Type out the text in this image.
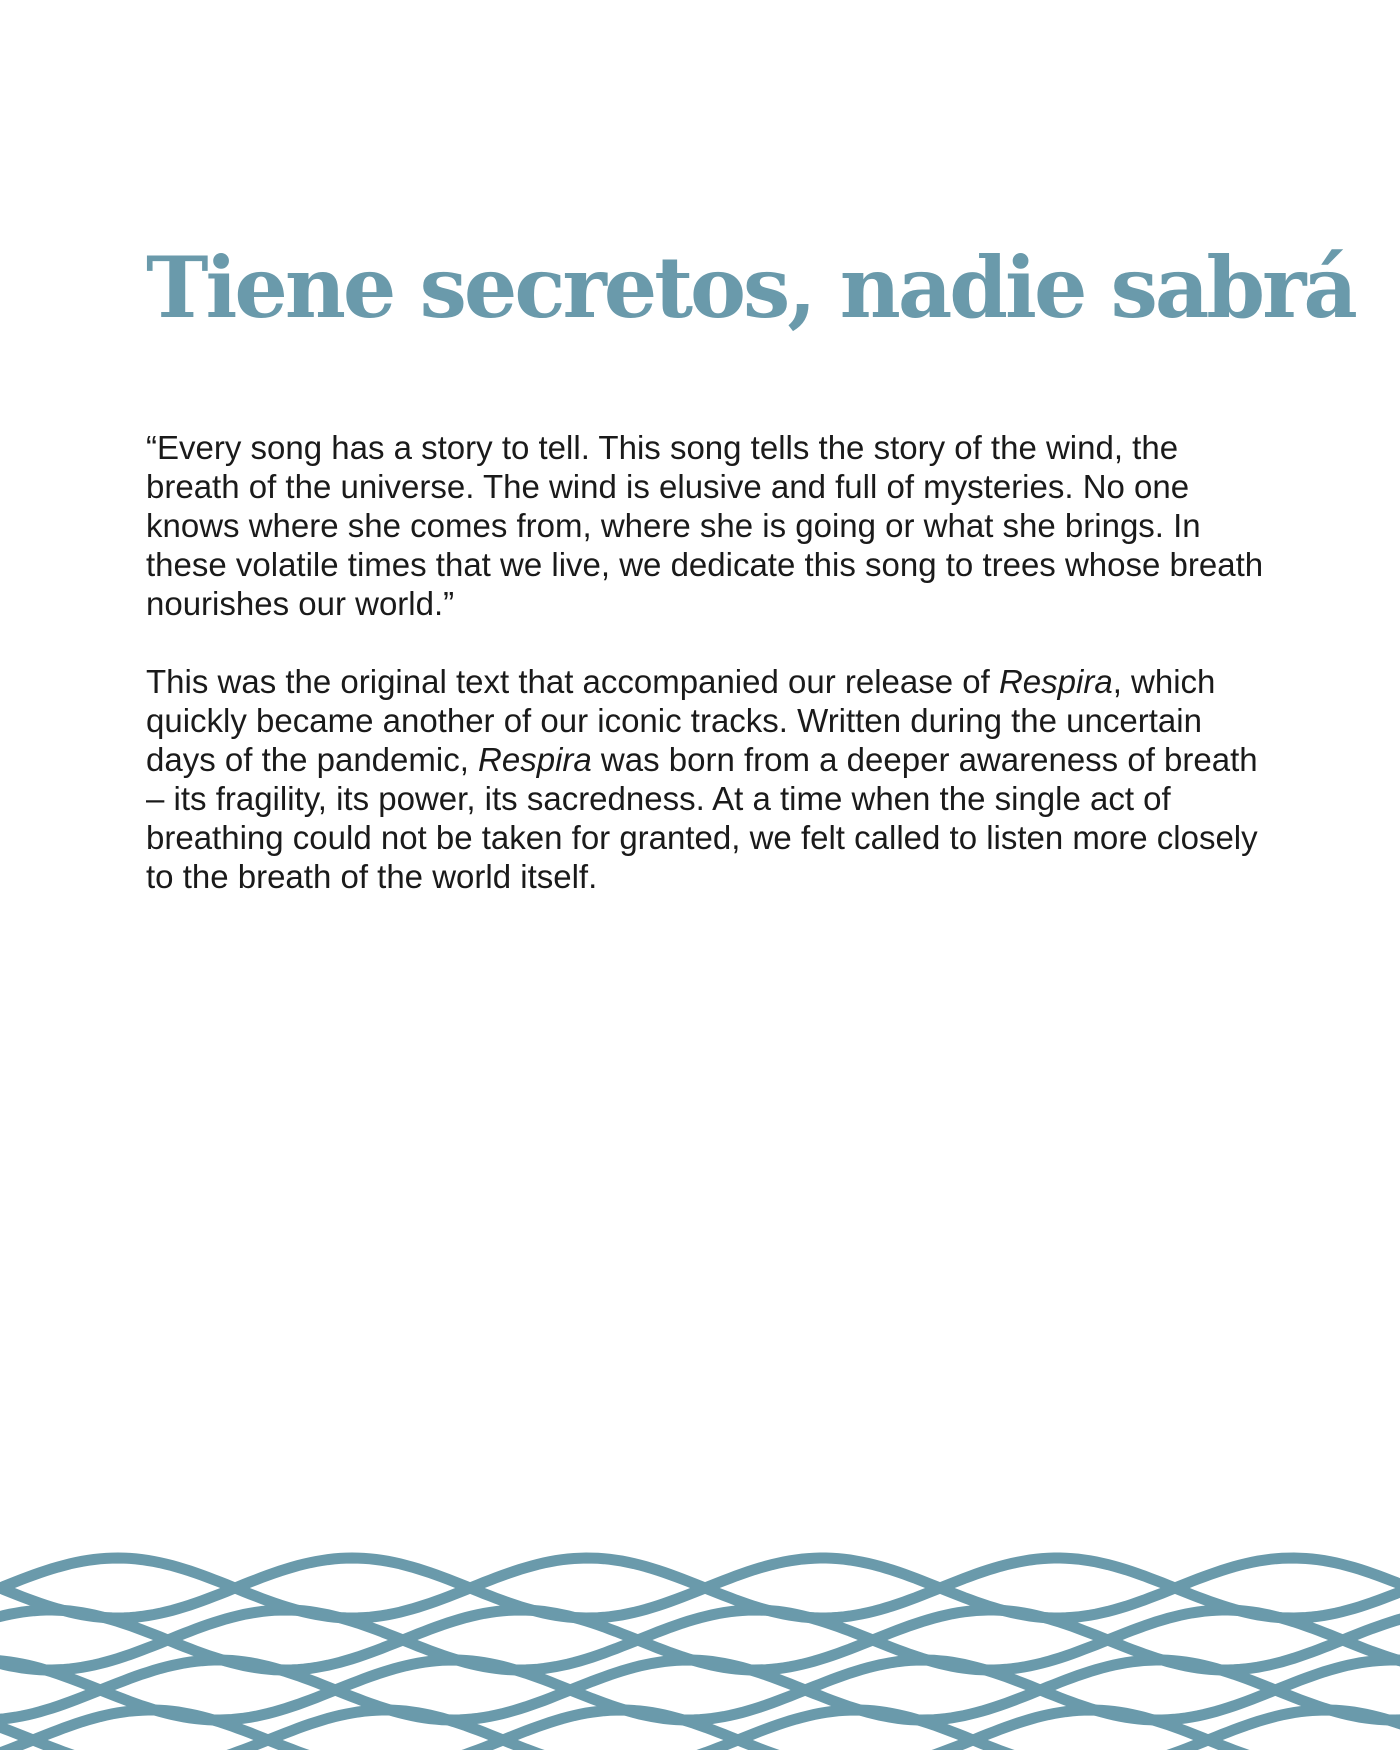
Tiene secretos, nadie sabrá

“Every song has a story to tell. This song tells the story of the wind, the breath of the universe. The wind is elusive and full of mysteries. No one knows where she comes from, where she is going or what she brings. In these volatile times that we live, we dedicate this song to trees whose breath nourishes our world.”

This was the original text that accompanied our release of Respira, which quickly became another of our iconic tracks. Written during the uncertain days of the pandemic, Respira was born from a deeper awareness of breath – its fragility, its power, its sacredness. At a time when the single act of breathing could not be taken for granted, we felt called to listen more closely to the breath of the world itself.
